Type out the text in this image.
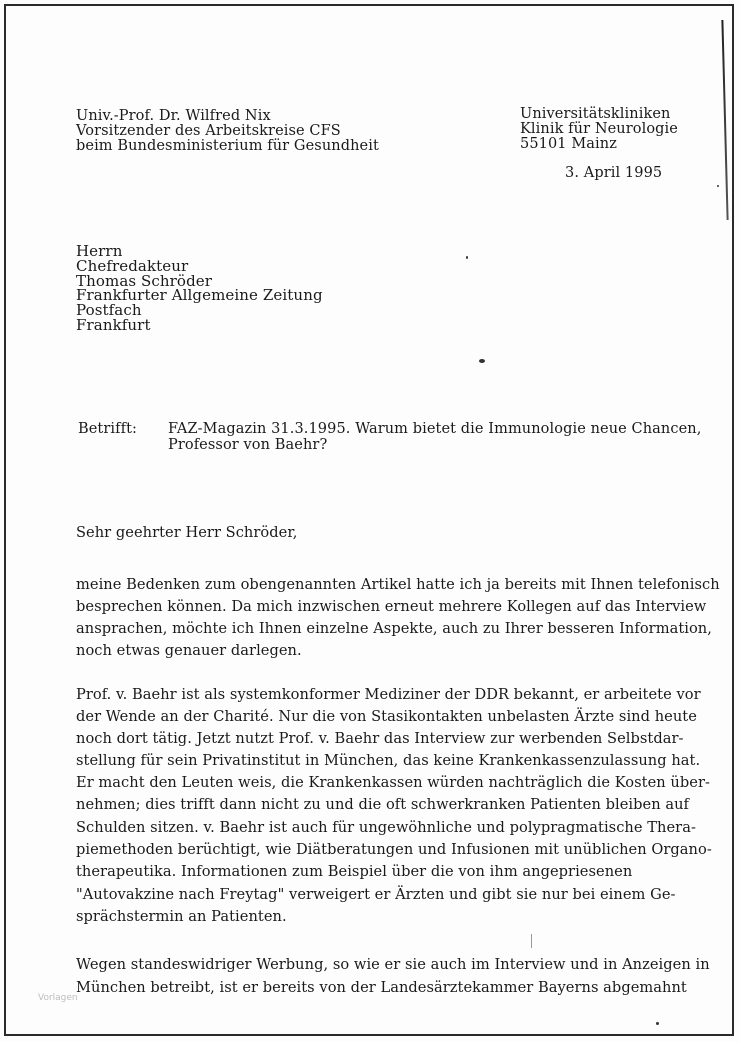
Univ.-Prof. Dr. Wilfred Nix
Vorsitzender des Arbeitskreise CFS
beim Bundesministerium für Gesundheit
Universitätskliniken
Klinik für Neurologie
55101 Mainz
3. April 1995
Herrn
Chefredakteur
Thomas Schröder
Frankfurter Allgemeine Zeitung
Postfach
Frankfurt
Betrifft: FAZ-Magazin 31.3.1995. Warum bietet die Immunologie neue Chancen,
Professor von Baehr?
Sehr geehrter Herr Schröder,
meine Bedenken zum obengenannten Artikel hatte ich ja bereits mit Ihnen telefonisch
besprechen können. Da mich inzwischen erneut mehrere Kollegen auf das Interview
ansprachen, möchte ich Ihnen einzelne Aspekte, auch zu Ihrer besseren Information,
noch etwas genauer darlegen.
Prof. v. Baehr ist als systemkonformer Mediziner der DDR bekannt, er arbeitete vor
der Wende an der Charité. Nur die von Stasikontakten unbelasten Ärzte sind heute
noch dort tätig. Jetzt nutzt Prof. v. Baehr das Interview zur werbenden Selbstdar-
stellung für sein Privatinstitut in München, das keine Krankenkassenzulassung hat.
Er macht den Leuten weis, die Krankenkassen würden nachträglich die Kosten über-
nehmen; dies trifft dann nicht zu und die oft schwerkranken Patienten bleiben auf
Schulden sitzen. v. Baehr ist auch für ungewöhnliche und polypragmatische Thera-
piemethoden berüchtigt, wie Diätberatungen und Infusionen mit unüblichen Organo-
therapeutika. Informationen zum Beispiel über die von ihm angepriesenen
"Autovakzine nach Freytag" verweigert er Ärzten und gibt sie nur bei einem Ge-
sprächstermin an Patienten.
Wegen standeswidriger Werbung, so wie er sie auch im Interview und in Anzeigen in
München betreibt, ist er bereits von der Landesärztekammer Bayerns abgemahnt
Vorlagen
